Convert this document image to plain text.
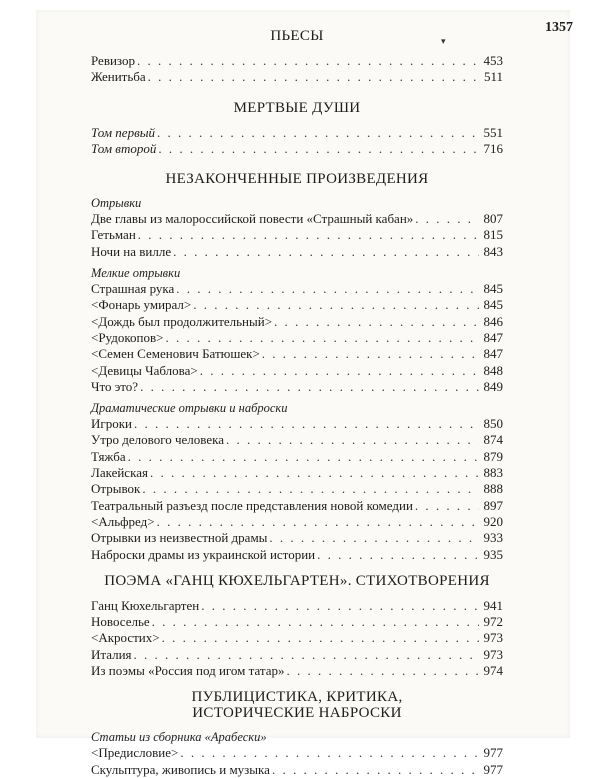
1357
▾
ПЬЕСЫ
Ревизор . . .	453
Женитьба . . .	511
МЕРТВЫЕ ДУШИ
Том первый . . .	551
Том второй . . .	716
НЕЗАКОНЧЕННЫЕ ПРОИЗВЕДЕНИЯ
Отрывки
Две главы из малороссийской повести «Страшный кабан» . . .	807
Гетьман . . .	815
Ночи на вилле . . .	843
Мелкие отрывки
Страшная рука . . .	845
<Фонарь умирал> . . .	845
<Дождь был продолжительный> . . .	846
<Рудокопов> . . .	847
<Семен Семенович Батюшек> . . .	847
<Девицы Чаблова> . . .	848
Что это? . . .	849
Драматические отрывки и наброски
Игроки . . .	850
Утро делового человека . . .	874
Тяжба . . .	879
Лакейская . . .	883
Отрывок . . .	888
Театральный разъезд после представления новой комедии . . .	897
<Альфред> . . .	920
Отрывки из неизвестной драмы . . .	933
Наброски драмы из украинской истории . . .	935
ПОЭМА «ГАНЦ КЮХЕЛЬГАРТЕН». СТИХОТВОРЕНИЯ
Ганц Кюхельгартен . . .	941
Новоселье . . .	972
<Акростих> . . .	973
Италия . . .	973
Из поэмы «Россия под игом татар» . . .	974
ПУБЛИЦИСТИКА, КРИТИКА,
ИСТОРИЧЕСКИЕ НАБРОСКИ
Статьи из сборника «Арабески»
<Предисловие> . . .	977
Скульптура, живопись и музыка . . .	977
